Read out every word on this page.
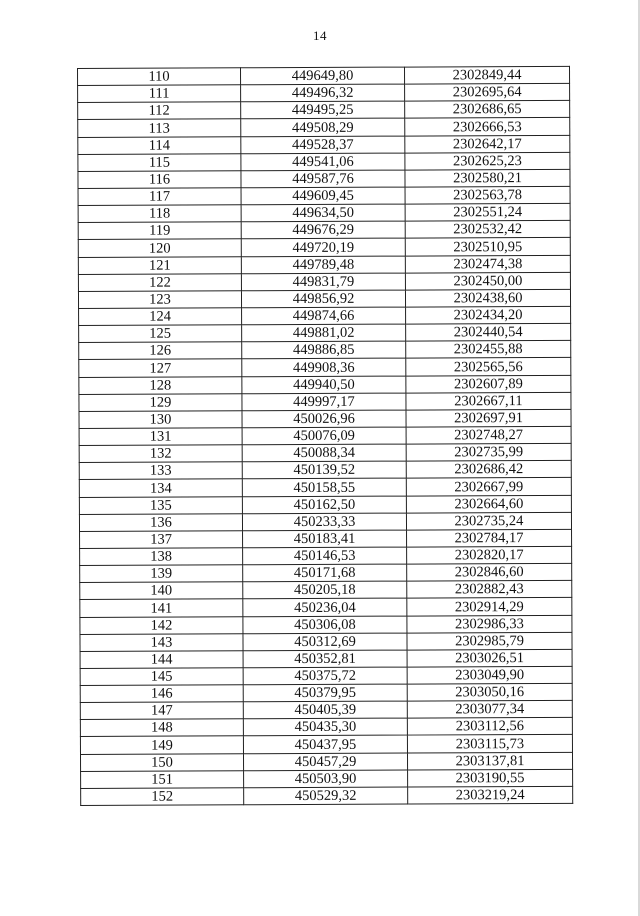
14
110	449649,80	2302849,44
111	449496,32	2302695,64
112	449495,25	2302686,65
113	449508,29	2302666,53
114	449528,37	2302642,17
115	449541,06	2302625,23
116	449587,76	2302580,21
117	449609,45	2302563,78
118	449634,50	2302551,24
119	449676,29	2302532,42
120	449720,19	2302510,95
121	449789,48	2302474,38
122	449831,79	2302450,00
123	449856,92	2302438,60
124	449874,66	2302434,20
125	449881,02	2302440,54
126	449886,85	2302455,88
127	449908,36	2302565,56
128	449940,50	2302607,89
129	449997,17	2302667,11
130	450026,96	2302697,91
131	450076,09	2302748,27
132	450088,34	2302735,99
133	450139,52	2302686,42
134	450158,55	2302667,99
135	450162,50	2302664,60
136	450233,33	2302735,24
137	450183,41	2302784,17
138	450146,53	2302820,17
139	450171,68	2302846,60
140	450205,18	2302882,43
141	450236,04	2302914,29
142	450306,08	2302986,33
143	450312,69	2302985,79
144	450352,81	2303026,51
145	450375,72	2303049,90
146	450379,95	2303050,16
147	450405,39	2303077,34
148	450435,30	2303112,56
149	450437,95	2303115,73
150	450457,29	2303137,81
151	450503,90	2303190,55
152	450529,32	2303219,24
